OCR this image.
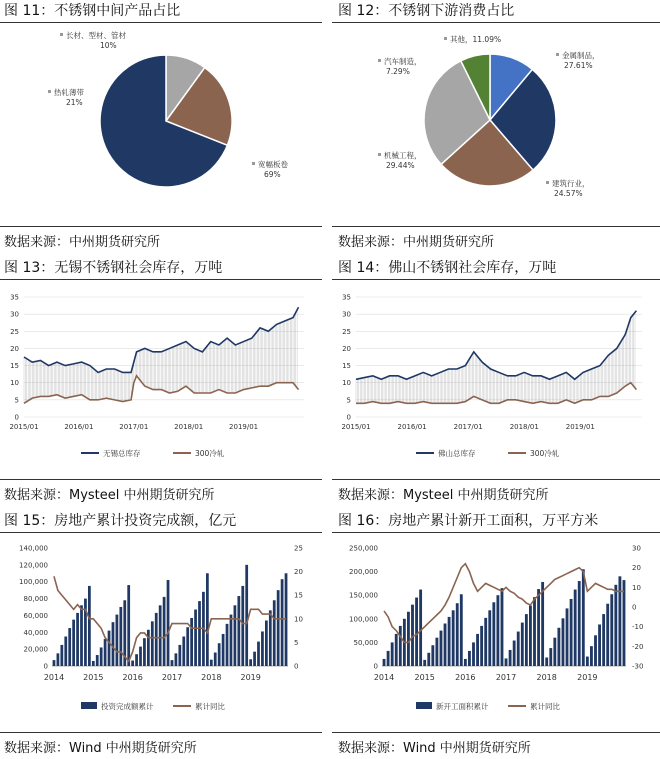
图 11：不锈钢中间产品占比
长材、型材、管材
10%
热轧薄带
21%
宽幅板卷
69%
数据来源：中州期货研究所
图 12：不锈钢下游消费占比
其他，11.09%
金属制品，
27.61%
建筑行业，
24.57%
机械工程，
29.44%
汽车制造，
7.29%
数据来源：中州期货研究所
图 13：无锡不锈钢社会库存，万吨
0
5
10
15
20
25
30
35
2015/01	2016/01	2017/01	2018/01	2019/01
无锡总库存	300冷轧
数据来源：Mysteel 中州期货研究所
图 14：佛山不锈钢社会库存，万吨
0
5
10
15
20
25
30
35
2015/01	2016/01	2017/01	2018/01	2019/01
佛山总库存	300冷轧
数据来源：Mysteel 中州期货研究所
图 15：房地产累计投资完成额，亿元
0
20,000
40,000
60,000
80,000
100,000
120,000
140,000
0
5
10
15
20
25
2014 2015 2016 2017 2018 2019
投资完成额累计	累计同比
数据来源：Wind 中州期货研究所
图 16：房地产累计新开工面积，万平方米
0
50,000
100,000
150,000
200,000
250,000
-30
-20
-10
0
10
20
30
2014	2015	2016	2017	2018	2019
新开工面积累计	累计同比
数据来源：Wind 中州期货研究所
